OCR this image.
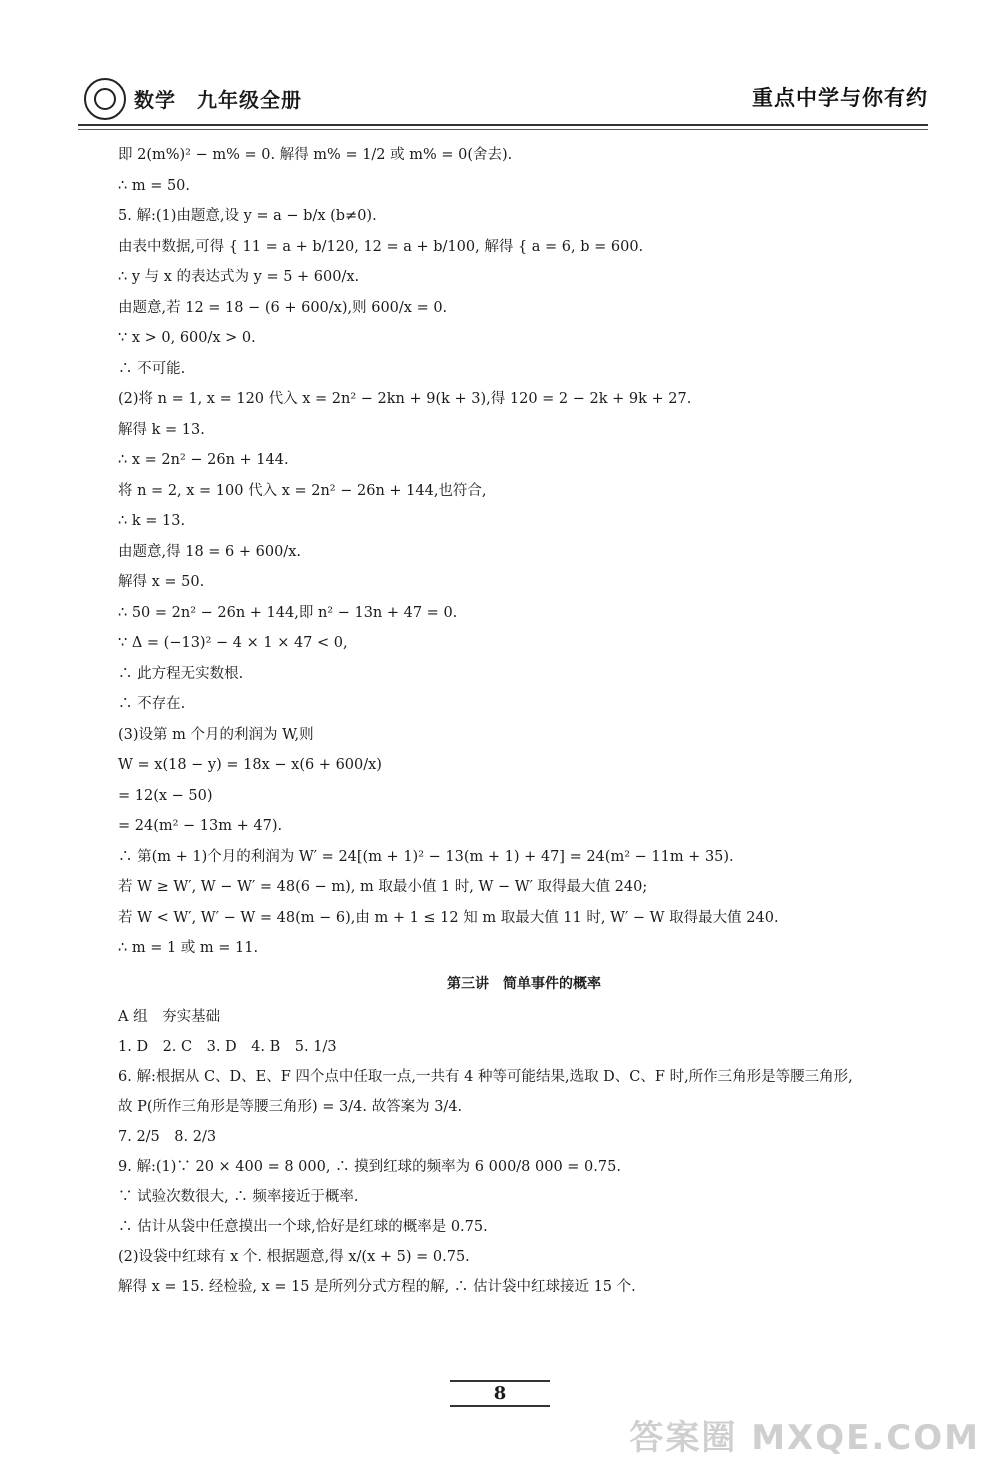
数学　九年级全册	重点中学与你有约

即 2(m%)² − m% = 0. 解得 m% = 1/2 或 m% = 0(舍去).

∴ m = 50.

5. 解:(1)由题意,设 y = a − b/x (b≠0).

由表中数据,可得 { 11 = a + b/120, 12 = a + b/100, 解得 { a = 6, b = 600.

∴ y 与 x 的表达式为 y = 5 + 600/x.

由题意,若 12 = 18 − (6 + 600/x),则 600/x = 0.

∵ x > 0, 600/x > 0.

∴ 不可能.

(2)将 n = 1, x = 120 代入 x = 2n² − 2kn + 9(k + 3),得 120 = 2 − 2k + 9k + 27.

解得 k = 13.

∴ x = 2n² − 26n + 144.

将 n = 2, x = 100 代入 x = 2n² − 26n + 144,也符合,

∴ k = 13.

由题意,得 18 = 6 + 600/x.

解得 x = 50.

∴ 50 = 2n² − 26n + 144,即 n² − 13n + 47 = 0.

∵ Δ = (−13)² − 4 × 1 × 47 < 0,

∴ 此方程无实数根.

∴ 不存在.

(3)设第 m 个月的利润为 W,则

W = x(18 − y) = 18x − x(6 + 600/x)

= 12(x − 50)

= 24(m² − 13m + 47).

∴ 第(m + 1)个月的利润为 W′ = 24[(m + 1)² − 13(m + 1) + 47] = 24(m² − 11m + 35).

若 W ≥ W′, W − W′ = 48(6 − m), m 取最小值 1 时, W − W′ 取得最大值 240;

若 W < W′, W′ − W = 48(m − 6),由 m + 1 ≤ 12 知 m 取最大值 11 时, W′ − W 取得最大值 240.

∴ m = 1 或 m = 11.

第三讲　简单事件的概率

A 组　夯实基础

1. D　2. C　3. D　4. B　5. 1/3

6. 解:根据从 C、D、E、F 四个点中任取一点,一共有 4 种等可能结果,选取 D、C、F 时,所作三角形是等腰三角形,

故 P(所作三角形是等腰三角形) = 3/4. 故答案为 3/4.

7. 2/5　8. 2/3

9. 解:(1)∵ 20 × 400 = 8 000, ∴ 摸到红球的频率为 6 000/8 000 = 0.75.

∵ 试验次数很大, ∴ 频率接近于概率.

∴ 估计从袋中任意摸出一个球,恰好是红球的概率是 0.75.

(2)设袋中红球有 x 个. 根据题意,得 x/(x + 5) = 0.75.

解得 x = 15. 经检验, x = 15 是所列分式方程的解, ∴ 估计袋中红球接近 15 个.

8
答案圈 MXQE.COM
